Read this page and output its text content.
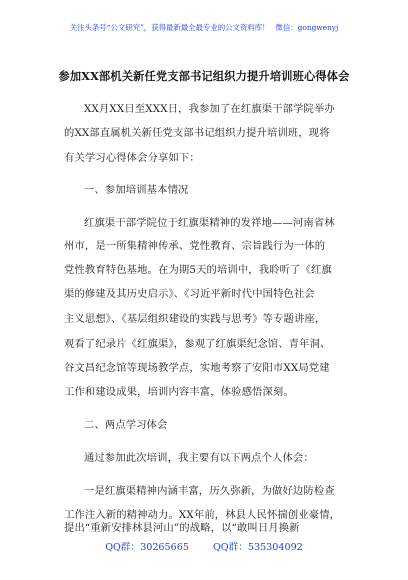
关注头条号“公文研究”，获得最新最全最专业的公文资料库！ 微信：gongwenyj
参加XX部机关新任党支部书记组织力提升培训班心得体会
XX月XX日至XXX日，我参加了在红旗渠干部学院举办
的XX部直属机关新任党支部书记组织力提升培训班，现将
有关学习心得体会分享如下：
一、参加培训基本情况
红旗渠干部学院位于红旗渠精神的发祥地——河南省林
州市，是一所集精神传承、党性教育、宗旨践行为一体的
党性教育特色基地。在为期5天的培训中，我聆听了《红旗
渠的修建及其历史启示》、《习近平新时代中国特色社会
主义思想》、《基层组织建设的实践与思考》等专题讲座，
观看了纪录片《红旗渠》，参观了红旗渠纪念馆、青年洞、
谷文昌纪念馆等现场教学点，实地考察了安阳市XX局党建
工作和建设成果，培训内容丰富，体验感悟深刻。
二、两点学习体会
通过参加此次培训，我主要有以下两点个人体会：
一是红旗渠精神内涵丰富，历久弥新，为做好边防检查
工作注入新的精神动力。XX年前，林县人民怀揣创业豪情，
QQ群：30265665	QQ群：535304092
提出“重新安排林县河山”的战略，以“敢叫日月换新
